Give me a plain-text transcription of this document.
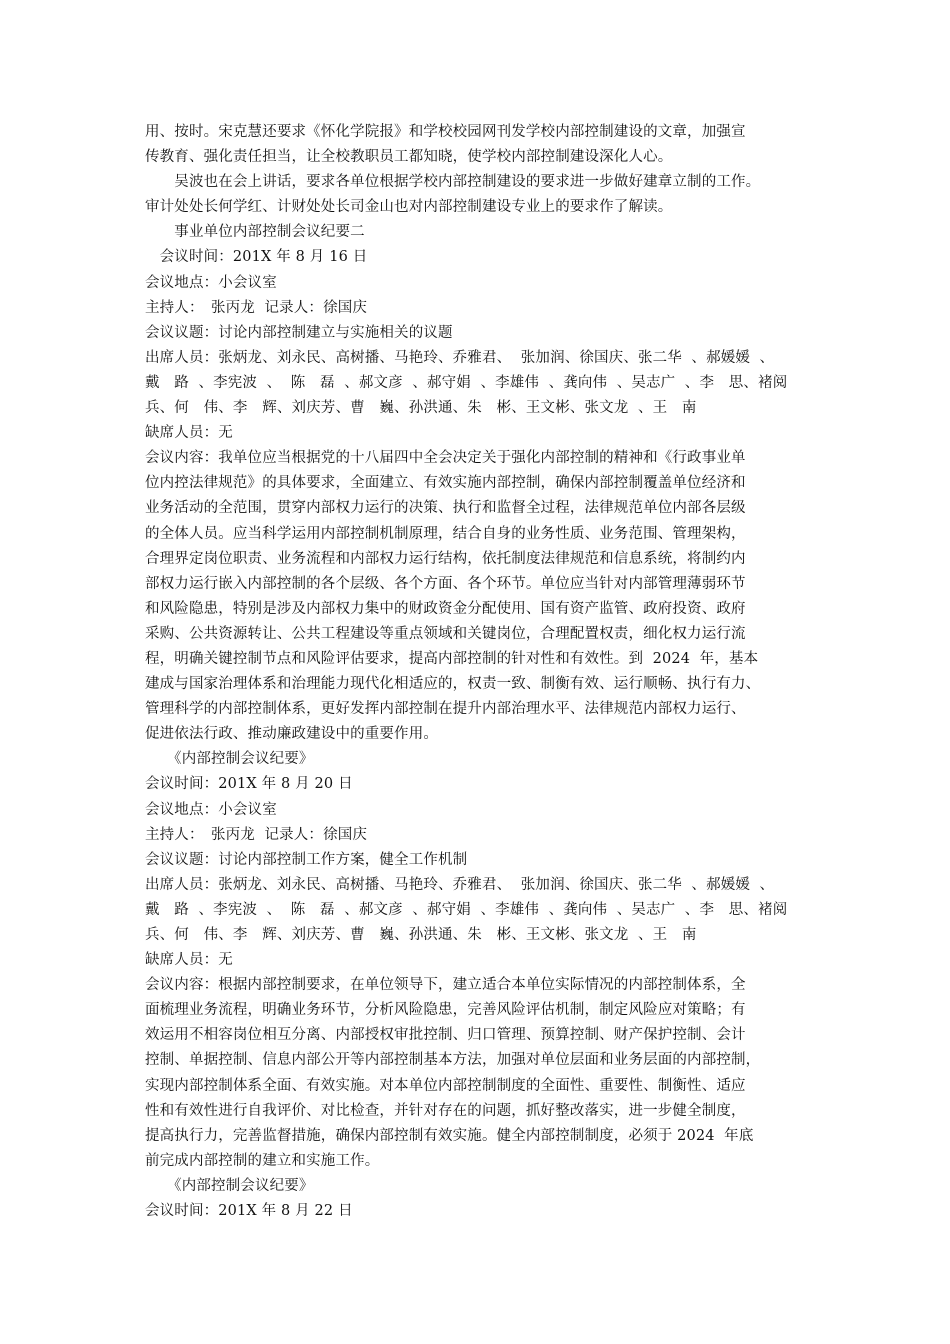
用、按时。宋克慧还要求《怀化学院报》和学校校园网刊发学校内部控制建设的文章，加强宣
传教育、强化责任担当，让全校教职员工都知晓，使学校内部控制建设深化人心。
　　吴波也在会上讲话，要求各单位根据学校内部控制建设的要求进一步做好建章立制的工作。
审计处处长何学红、计财处处长司金山也对内部控制建设专业上的要求作了解读。
　　事业单位内部控制会议纪要二
　会议时间：201X 年 8 月 16 日
会议地点：小会议室
主持人：　张丙龙  记录人：徐国庆
会议议题：讨论内部控制建立与实施相关的议题
出席人员：张炳龙、刘永民、高树播、马艳玲、乔雅君、  张加润、徐国庆、张二华  、郝媛媛  、
戴　路  、李宪波  、  陈　磊  、郝文彦  、郝守娟  、李雄伟  、龚向伟  、吴志广  、李　思、褚阅
兵、何　伟、李　辉、刘庆芳、曹　巍、孙洪通、朱　彬、王文彬、张文龙  、王　南
缺席人员：无
会议内容：我单位应当根据党的十八届四中全会决定关于强化内部控制的精神和《行政事业单
位内控法律规范》的具体要求，全面建立、有效实施内部控制，确保内部控制覆盖单位经济和
业务活动的全范围，贯穿内部权力运行的决策、执行和监督全过程，法律规范单位内部各层级
的全体人员。应当科学运用内部控制机制原理，结合自身的业务性质、业务范围、管理架构，
合理界定岗位职责、业务流程和内部权力运行结构，依托制度法律规范和信息系统，将制约内
部权力运行嵌入内部控制的各个层级、各个方面、各个环节。单位应当针对内部管理薄弱环节
和风险隐患，特别是涉及内部权力集中的财政资金分配使用、国有资产监管、政府投资、政府
采购、公共资源转让、公共工程建设等重点领域和关键岗位，合理配置权责，细化权力运行流
程，明确关键控制节点和风险评估要求，提高内部控制的针对性和有效性。到  2024  年，基本
建成与国家治理体系和治理能力现代化相适应的，权责一致、制衡有效、运行顺畅、执行有力、
管理科学的内部控制体系，更好发挥内部控制在提升内部治理水平、法律规范内部权力运行、
促进依法行政、推动廉政建设中的重要作用。
　　《内部控制会议纪要》
会议时间：201X 年 8 月 20 日
会议地点：小会议室
主持人：　张丙龙  记录人：徐国庆
会议议题：讨论内部控制工作方案，健全工作机制
出席人员：张炳龙、刘永民、高树播、马艳玲、乔雅君、  张加润、徐国庆、张二华  、郝媛媛  、
戴　路  、李宪波  、  陈　磊  、郝文彦  、郝守娟  、李雄伟  、龚向伟  、吴志广  、李　思、褚阅
兵、何　伟、李　辉、刘庆芳、曹　巍、孙洪通、朱　彬、王文彬、张文龙  、王　南
缺席人员：无
会议内容：根据内部控制要求，在单位领导下，建立适合本单位实际情况的内部控制体系，全
面梳理业务流程，明确业务环节，分析风险隐患，完善风险评估机制，制定风险应对策略；有
效运用不相容岗位相互分离、内部授权审批控制、归口管理、预算控制、财产保护控制、会计
控制、单据控制、信息内部公开等内部控制基本方法，加强对单位层面和业务层面的内部控制，
实现内部控制体系全面、有效实施。对本单位内部控制制度的全面性、重要性、制衡性、适应
性和有效性进行自我评价、对比检查，并针对存在的问题，抓好整改落实，进一步健全制度，
提高执行力，完善监督措施，确保内部控制有效实施。健全内部控制制度，必须于 2024  年底
前完成内部控制的建立和实施工作。
　　《内部控制会议纪要》
会议时间：201X 年 8 月 22 日
